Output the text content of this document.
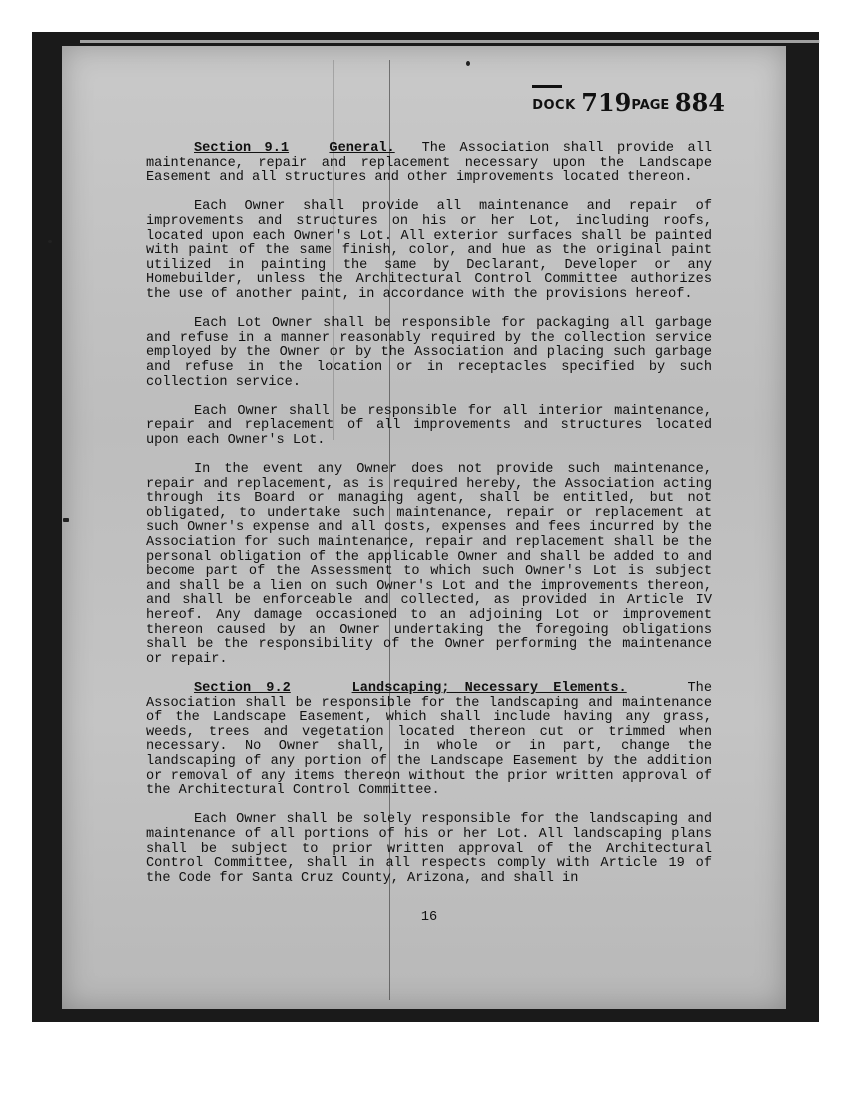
DOCK 719PAGE 884

Section 9.1	General. The Association shall provide all maintenance, repair and replacement necessary upon the Landscape Easement and all structures and other improvements located thereon.

Each Owner shall provide all maintenance and repair of improvements and structures on his or her Lot, including roofs, located upon each Owner's Lot. All exterior surfaces shall be painted with paint of the same finish, color, and hue as the original paint utilized in painting the same by Declarant, Developer or any Homebuilder, unless the Architectural Control Committee authorizes the use of another paint, in accordance with the provisions hereof.

Each Lot Owner shall be responsible for packaging all garbage and refuse in a manner reasonably required by the collection service employed by the Owner or by the Association and placing such garbage and refuse in the location or in receptacles specified by such collection service.

Each Owner shall be responsible for all interior maintenance, repair and replacement of all improvements and structures located upon each Owner's Lot.

In the event any Owner does not provide such maintenance, repair and replacement, as is required hereby, the Association acting through its Board or managing agent, shall be entitled, but not obligated, to undertake such maintenance, repair or replacement at such Owner's expense and all costs, expenses and fees incurred by the Association for such maintenance, repair and replacement shall be the personal obligation of the applicable Owner and shall be added to and become part of the Assessment to which such Owner's Lot is subject and shall be a lien on such Owner's Lot and the improvements thereon, and shall be enforceable and collected, as provided in Article IV hereof. Any damage occasioned to an adjoining Lot or improvement thereon caused by an Owner undertaking the foregoing obligations shall be the responsibility of the Owner performing the maintenance or repair.

Section 9.2	Landscaping; Necessary Elements.	The Association shall be responsible for the landscaping and maintenance of the Landscape Easement, which shall include having any grass, weeds, trees and vegetation located thereon cut or trimmed when necessary. No Owner shall, in whole or in part, change the landscaping of any portion of the Landscape Easement by the addition or removal of any items thereon without the prior written approval of the Architectural Control Committee.

Each Owner shall be solely responsible for the landscaping and maintenance of all portions of his or her Lot. All landscaping plans shall be subject to prior written approval of the Architectural Control Committee, shall in all respects comply with Article 19 of the Code for Santa Cruz County, Arizona, and shall in

16
